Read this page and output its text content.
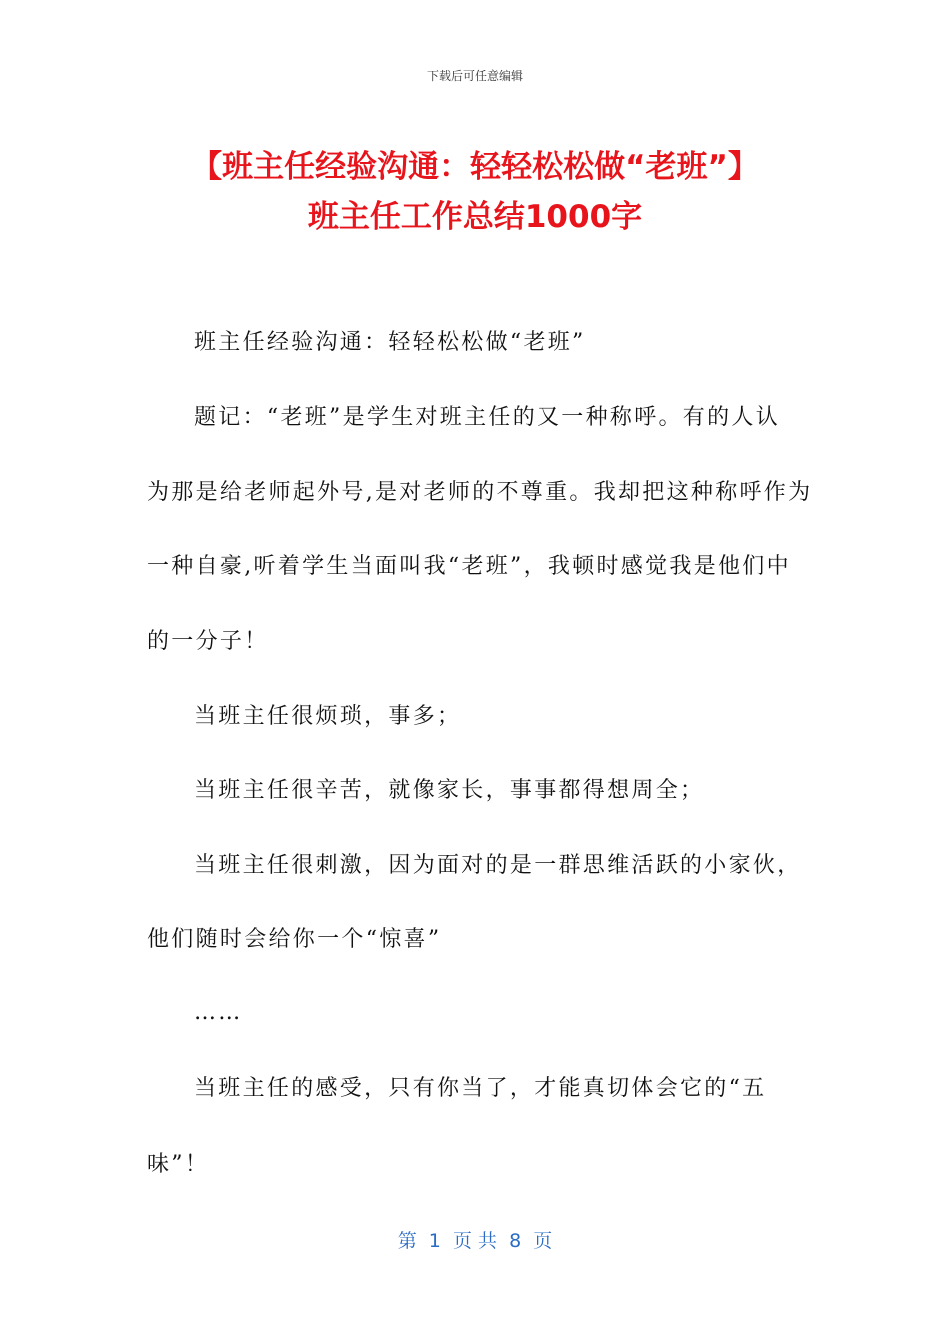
下载后可任意编辑
【班主任经验沟通：轻轻松松做“老班”】
班主任工作总结1000字
班主任经验沟通：轻轻松松做“老班”
题记：“老班”是学生对班主任的又一种称呼。有的人认
为那是给老师起外号,是对老师的不尊重。我却把这种称呼作为
一种自豪,听着学生当面叫我“老班”，我顿时感觉我是他们中
的一分子！
当班主任很烦琐，事多；
当班主任很辛苦，就像家长，事事都得想周全；
当班主任很刺激，因为面对的是一群思维活跃的小家伙，
他们随时会给你一个“惊喜”
……
当班主任的感受，只有你当了，才能真切体会它的“五
味”！
第  1  页 共  8  页
